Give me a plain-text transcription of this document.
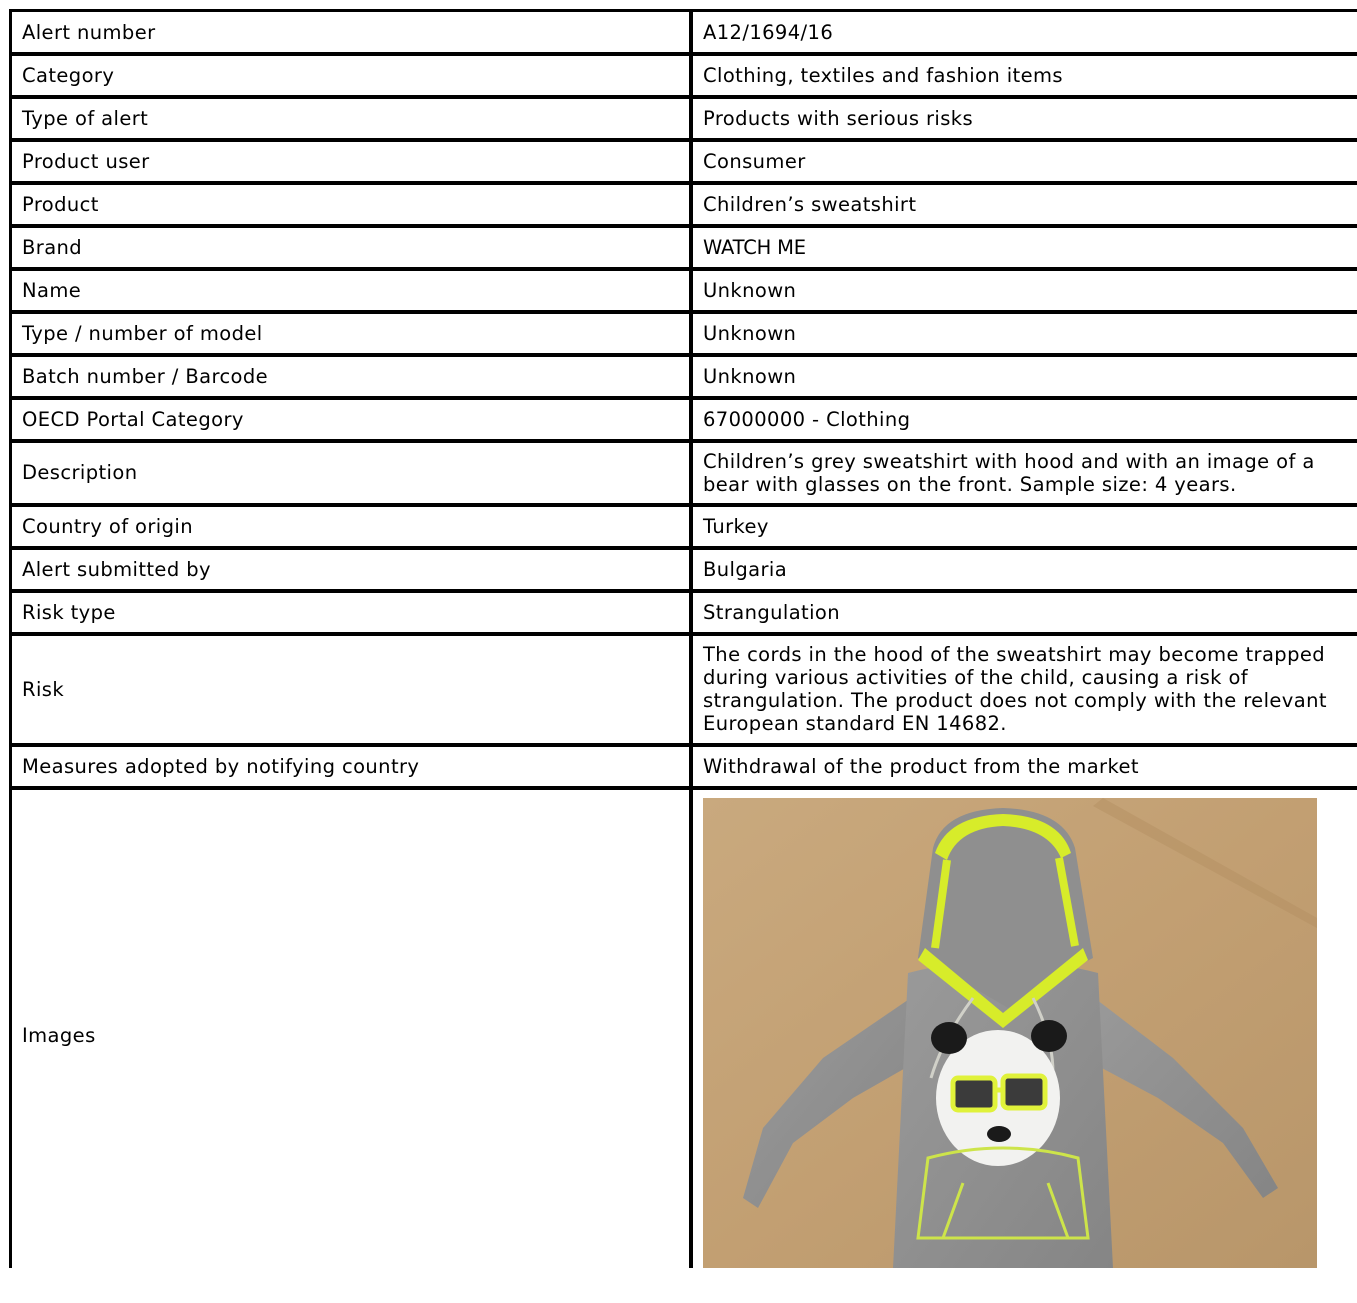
Alert number	A12/1694/16
Category	Clothing, textiles and fashion items
Type of alert	Products with serious risks
Product user	Consumer
Product	Children’s sweatshirt
Brand	WATCH ME
Name	Unknown
Type / number of model	Unknown
Batch number / Barcode	Unknown
OECD Portal Category	67000000 - Clothing
Description	Children’s grey sweatshirt with hood and with an image of a bear with glasses on the front. Sample size: 4 years.
Country of origin	Turkey
Alert submitted by	Bulgaria
Risk type	Strangulation
Risk	The cords in the hood of the sweatshirt may become trapped during various activities of the child, causing a risk of strangulation. The product does not comply with the relevant European standard EN 14682.
Measures adopted by notifying country	Withdrawal of the product from the market

Images
